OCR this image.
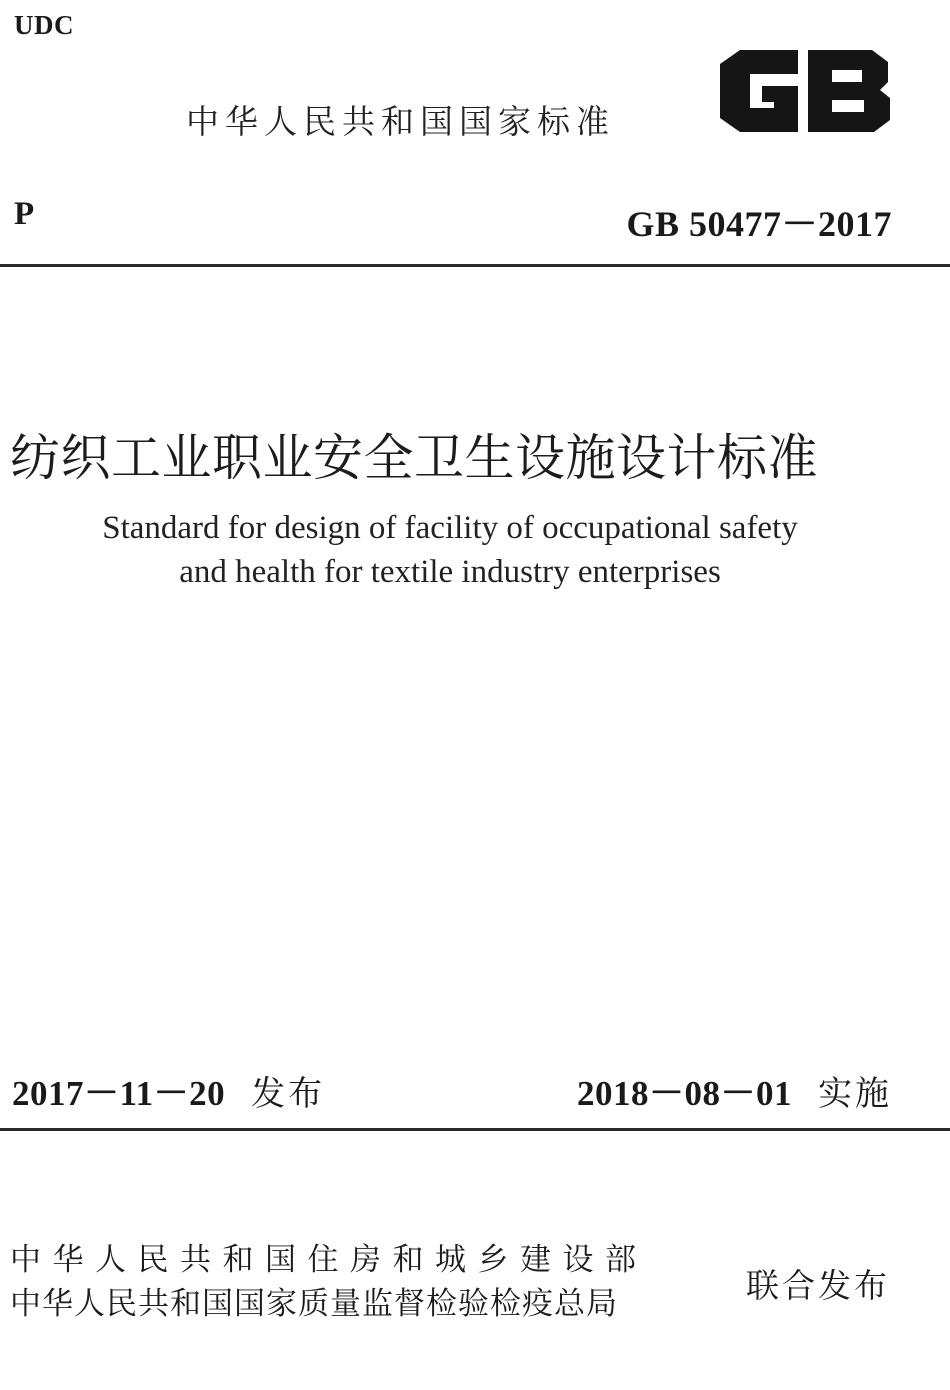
UDC
中华人民共和国国家标准
P	GB 50477－2017
纺织工业职业安全卫生设施设计标准
Standard for design of facility of occupational safety
and health for textile industry enterprises
2017－11－20 发布	2018－08－01 实施
中华人民共和国住房和城乡建设部
中华人民共和国国家质量监督检验检疫总局	联合发布
